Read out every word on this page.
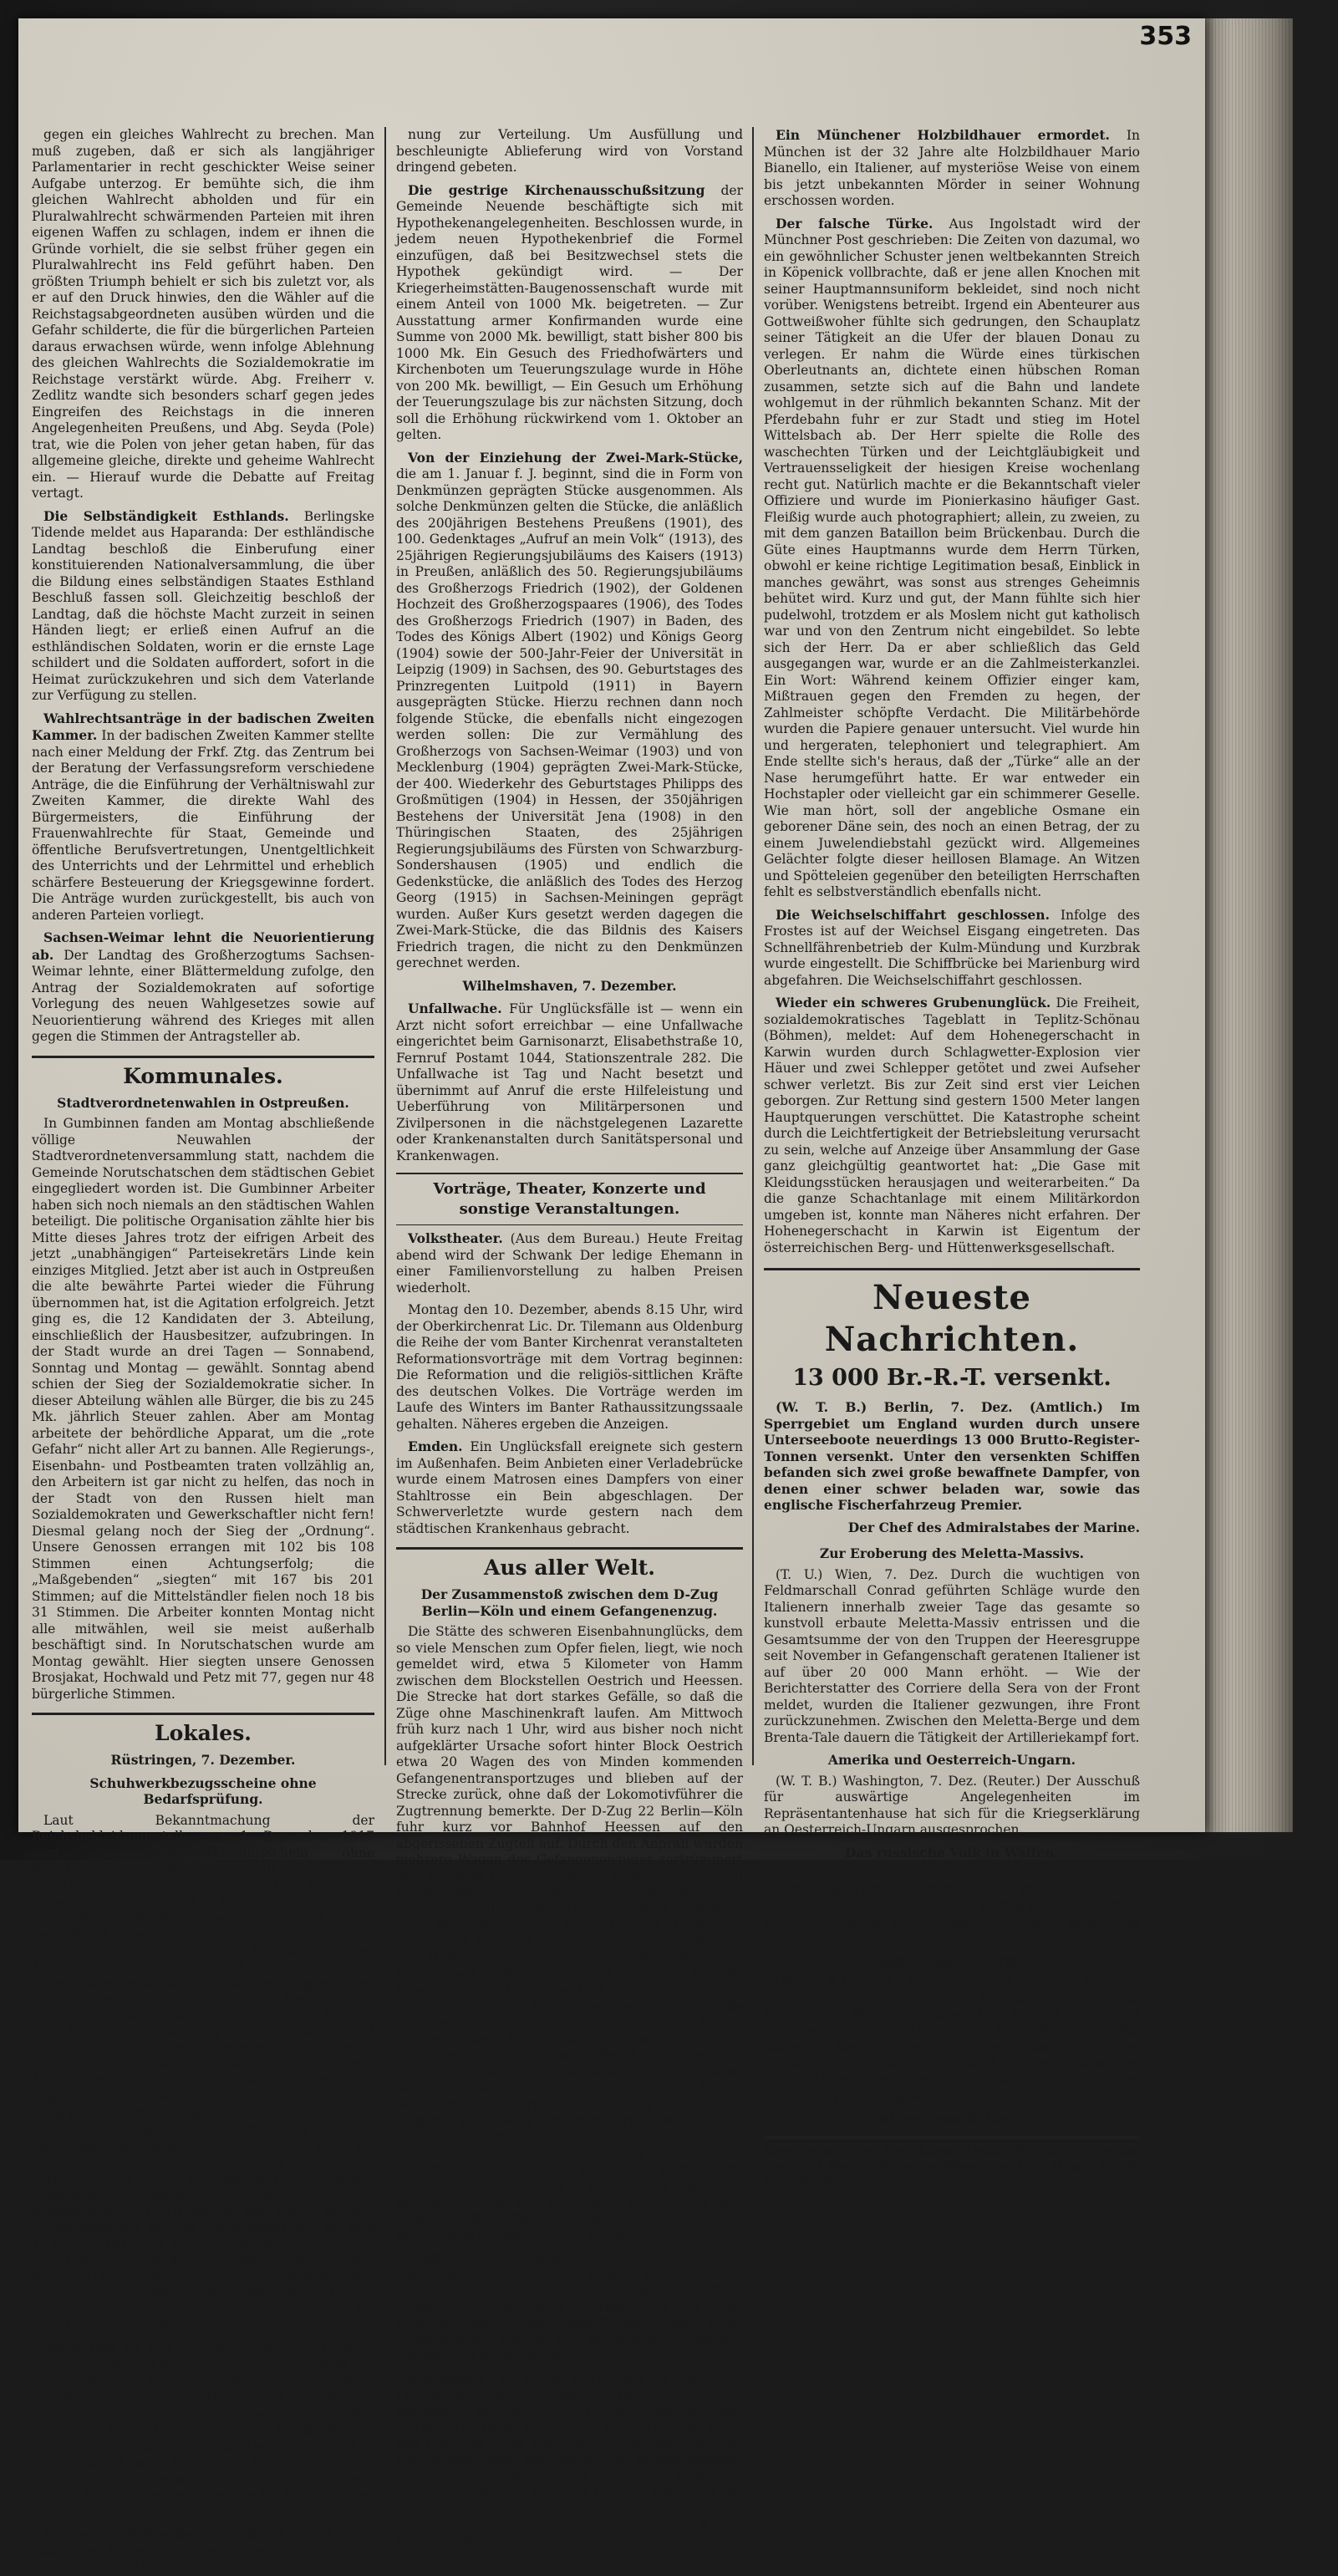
353

gegen ein gleiches Wahlrecht zu brechen. Man muß zugeben, daß er sich als langjähriger Parlamentarier in recht geschickter Weise seiner Aufgabe unterzog. Er bemühte sich, die ihm gleichen Wahlrecht abholden und für ein Pluralwahlrecht schwärmenden Parteien mit ihren eigenen Waffen zu schlagen, indem er ihnen die Gründe vorhielt, die sie selbst früher gegen ein Pluralwahlrecht ins Feld geführt haben. Den größten Triumph behielt er sich bis zuletzt vor, als er auf den Druck hinwies, den die Wähler auf die Reichstagsabgeordneten ausüben würden und die Gefahr schilderte, die für die bürgerlichen Parteien daraus erwachsen würde, wenn infolge Ablehnung des gleichen Wahlrechts die Sozialdemokratie im Reichstage verstärkt würde. Abg. Freiherr v. Zedlitz wandte sich besonders scharf gegen jedes Eingreifen des Reichstags in die inneren Angelegenheiten Preußens, und Abg. Seyda (Pole) trat, wie die Polen von jeher getan haben, für das allgemeine gleiche, direkte und geheime Wahlrecht ein. — Hierauf wurde die Debatte auf Freitag vertagt.

Die Selbständigkeit Esthlands. Berlingske Tidende meldet aus Haparanda: Der esthländische Landtag beschloß die Einberufung einer konstituierenden Nationalversammlung, die über die Bildung eines selbständigen Staates Esthland Beschluß fassen soll. Gleichzeitig beschloß der Landtag, daß die höchste Macht zurzeit in seinen Händen liegt; er erließ einen Aufruf an die esthländischen Soldaten, worin er die ernste Lage schildert und die Soldaten auffordert, sofort in die Heimat zurückzukehren und sich dem Vaterlande zur Verfügung zu stellen.

Wahlrechtsanträge in der badischen Zweiten Kammer. In der badischen Zweiten Kammer stellte nach einer Meldung der Frkf. Ztg. das Zentrum bei der Beratung der Verfassungsreform verschiedene Anträge, die die Einführung der Verhältniswahl zur Zweiten Kammer, die direkte Wahl des Bürgermeisters, die Einführung der Frauenwahlrechte für Staat, Gemeinde und öffentliche Berufsvertretungen, Unentgeltlichkeit des Unterrichts und der Lehrmittel und erheblich schärfere Besteuerung der Kriegsgewinne fordert. Die Anträge wurden zurückgestellt, bis auch von anderen Parteien vorliegt.

Sachsen-Weimar lehnt die Neuorientierung ab. Der Landtag des Großherzogtums Sachsen-Weimar lehnte, einer Blättermeldung zufolge, den Antrag der Sozialdemokraten auf sofortige Vorlegung des neuen Wahlgesetzes sowie auf Neuorientierung während des Krieges mit allen gegen die Stimmen der Antragsteller ab.

Kommunales.
Stadtverordnetenwahlen in Ostpreußen.

In Gumbinnen fanden am Montag abschließende völlige Neuwahlen der Stadtverordnetenversammlung statt, nachdem die Gemeinde Norutschatschen dem städtischen Gebiet eingegliedert worden ist. Die Gumbinner Arbeiter haben sich noch niemals an den städtischen Wahlen beteiligt. Die politische Organisation zählte hier bis Mitte dieses Jahres trotz der eifrigen Arbeit des jetzt „unabhängigen“ Parteisekretärs Linde kein einziges Mitglied. Jetzt aber ist auch in Ostpreußen die alte bewährte Partei wieder die Führung übernommen hat, ist die Agitation erfolgreich. Jetzt ging es, die 12 Kandidaten der 3. Abteilung, einschließlich der Hausbesitzer, aufzubringen. In der Stadt wurde an drei Tagen — Sonnabend, Sonntag und Montag — gewählt. Sonntag abend schien der Sieg der Sozialdemokratie sicher. In dieser Abteilung wählen alle Bürger, die bis zu 245 Mk. jährlich Steuer zahlen. Aber am Montag arbeitete der behördliche Apparat, um die „rote Gefahr“ nicht aller Art zu bannen. Alle Regierungs-, Eisenbahn- und Postbeamten traten vollzählig an, den Arbeitern ist gar nicht zu helfen, das noch in der Stadt von den Russen hielt man Sozialdemokraten und Gewerkschaftler nicht fern! Diesmal gelang noch der Sieg der „Ordnung“. Unsere Genossen errangen mit 102 bis 108 Stimmen einen Achtungserfolg; die „Maßgebenden“ „siegten“ mit 167 bis 201 Stimmen; auf die Mittelständler fielen noch 18 bis 31 Stimmen. Die Arbeiter konnten Montag nicht alle mitwählen, weil sie meist außerhalb beschäftigt sind. In Norutschatschen wurde am Montag gewählt. Hier siegten unsere Genossen Brosjakat, Hochwald und Petz mit 77, gegen nur 48 bürgerliche Stimmen.

Lokales.
Rüstringen, 7. Dezember.
Schuhwerkbezugsscheine ohne Bedarfsprüfung.

Laut Bekanntmachung der Reichsbekleidungsstelle vom 1. Dezember 1917 darf ein Schuhwerkbezugsschein ohne Bedarfsprüfung nur dann ausgestellt werden, wenn der Antragsteller bei der Annahmestelle zwei nach Verwendungszweck (d. h. für Erwachsene einerseits oder für Kinder anderseits) gleichartigen Paar Schuhen und Stiefeln mit Lederunterboden erteilt werden, falls es nach Entscheidung der Annahmestelle wirklich so ist, daß daran nicht mehr ohne erhebliche Instandsetzungsarbeiten zum Straßengebrauch sich eignen. Besohlen gilt nicht als erhebliche Instandsetzungsarbeit. An Stoff oder Leder zur Herstellung von Schuhwaren wird bis zur Höhe des eifrigen Musters zur Erlangung von Luxusschuhwaren werden von den Annahmestellen nicht ausgestellt. Erteilte alte Abgabebescheinigungen für Schuhwaren werden noch bis Ende dieses Jahres in Bezugsschein D für Schuhwaren eingelöst. Die Bestimmung, daß der jetzt gültige Bezugsschein D bleiben nur noch bis Ende Februar 1918 gültig. Auch für Schuhwaren wird in Bezugsschein gegen Abgabebescheinigungen nur der gewöhnliche Bezugsschein AII, BII erteilt, der nur 2 Monate Gültigkeitsdauer hat. Die Bestimmung, daß bis zum 1. August 1918 nur zwei Stücke desselben Art an Oberkleidung, Unterkleidung, Männerpfalzwäsche, Bett-, Haus- und Tischwäsche gegen eine Abgabebescheinigung für dieselbe Person ausgegeben werden dürfen, bleibt nur für Oberkleidung erhalten.

Tauwetter ist den Frosttagen gefolgt. Gestern gegen Abend stieg die Temperatur, so daß bald der Frost gebrochen war. Infolgedessen ist man durch den Schnee zwar geschritten, es ist aber besser, jetzt auch gute Stiefel drinnen und besohlen geworden, als die Menschen auf die Straße gingen. Es sind viele obdachlose nicht Durchgang fand in mit Sohlenschonern bewehrten Kriegsstiefeln. Die Herrschaft des Vorwinters ist dadurch gebrochen, als die Leute, eine Tatsache, die im Interesse der Kohlenversorgung erfreulich ist.

Deutscher Holzarbeiter-Verband. Die hiesige Zahlstelle bringt im Heute dieser Woche die Stimmzettel zur Urabstimmung.

nung zur Verteilung. Um Ausfüllung und beschleunigte Ablieferung wird von Vorstand dringend gebeten.

Die gestrige Kirchenausschußsitzung der Gemeinde Neuende beschäftigte sich mit Hypothekenangelegenheiten. Beschlossen wurde, in jedem neuen Hypothekenbrief die Formel einzufügen, daß bei Besitzwechsel stets die Hypothek gekündigt wird. — Der Kriegerheimstätten-Baugenossenschaft wurde mit einem Anteil von 1000 Mk. beigetreten. — Zur Ausstattung armer Konfirmanden wurde eine Summe von 2000 Mk. bewilligt, statt bisher 800 bis 1000 Mk. Ein Gesuch des Friedhofwärters und Kirchenboten um Teuerungszulage wurde in Höhe von 200 Mk. bewilligt, — Ein Gesuch um Erhöhung der Teuerungszulage bis zur nächsten Sitzung, doch soll die Erhöhung rückwirkend vom 1. Oktober an gelten.

Von der Einziehung der Zwei-Mark-Stücke, die am 1. Januar f. J. beginnt, sind die in Form von Denkmünzen geprägten Stücke ausgenommen. Als solche Denkmünzen gelten die Stücke, die anläßlich des 200jährigen Bestehens Preußens (1901), des 100. Gedenktages „Aufruf an mein Volk“ (1913), des 25jährigen Regierungsjubiläums des Kaisers (1913) in Preußen, anläßlich des 50. Regierungsjubiläums des Großherzogs Friedrich (1902), der Goldenen Hochzeit des Großherzogspaares (1906), des Todes des Großherzogs Friedrich (1907) in Baden, des Todes des Königs Albert (1902) und Königs Georg (1904) sowie der 500-Jahr-Feier der Universität in Leipzig (1909) in Sachsen, des 90. Geburtstages des Prinzregenten Luitpold (1911) in Bayern ausgeprägten Stücke. Hierzu rechnen dann noch folgende Stücke, die ebenfalls nicht eingezogen werden sollen: Die zur Vermählung des Großherzogs von Sachsen-Weimar (1903) und von Mecklenburg (1904) geprägten Zwei-Mark-Stücke, der 400. Wiederkehr des Geburtstages Philipps des Großmütigen (1904) in Hessen, der 350jährigen Bestehens der Universität Jena (1908) in den Thüringischen Staaten, des 25jährigen Regierungsjubiläums des Fürsten von Schwarzburg-Sondershausen (1905) und endlich die Gedenkstücke, die anläßlich des Todes des Herzog Georg (1915) in Sachsen-Meiningen geprägt wurden. Außer Kurs gesetzt werden dagegen die Zwei-Mark-Stücke, die das Bildnis des Kaisers Friedrich tragen, die nicht zu den Denkmünzen gerechnet werden.

Wilhelmshaven, 7. Dezember.

Unfallwache. Für Unglücksfälle ist — wenn ein Arzt nicht sofort erreichbar — eine Unfallwache eingerichtet beim Garnisonarzt, Elisabethstraße 10, Fernruf Postamt 1044, Stationszentrale 282. Die Unfallwache ist Tag und Nacht besetzt und übernimmt auf Anruf die erste Hilfeleistung und Ueberführung von Militärpersonen und Zivilpersonen in die nächstgelegenen Lazarette oder Krankenanstalten durch Sanitätspersonal und Krankenwagen.

Vorträge, Theater, Konzerte und sonstige Veranstaltungen.

Volkstheater. (Aus dem Bureau.) Heute Freitag abend wird der Schwank Der ledige Ehemann in einer Familienvorstellung zu halben Preisen wiederholt.

Montag den 10. Dezember, abends 8.15 Uhr, wird der Oberkirchenrat Lic. Dr. Tilemann aus Oldenburg die Reihe der vom Banter Kirchenrat veranstalteten Reformationsvorträge mit dem Vortrag beginnen: Die Reformation und die religiös-sittlichen Kräfte des deutschen Volkes. Die Vorträge werden im Laufe des Winters im Banter Rathaussitzungssaale gehalten. Näheres ergeben die Anzeigen.

Emden. Ein Unglücksfall ereignete sich gestern im Außenhafen. Beim Anbieten einer Verladebrücke wurde einem Matrosen eines Dampfers von einer Stahltrosse ein Bein abgeschlagen. Der Schwerverletzte wurde gestern nach dem städtischen Krankenhaus gebracht.

Aus aller Welt.
Der Zusammenstoß zwischen dem D-Zug Berlin—Köln und einem Gefangenenzug.

Die Stätte des schweren Eisenbahnunglücks, dem so viele Menschen zum Opfer fielen, liegt, wie noch gemeldet wird, etwa 5 Kilometer von Hamm zwischen dem Blockstellen Oestrich und Heessen. Die Strecke hat dort starkes Gefälle, so daß die Züge ohne Maschinenkraft laufen. Am Mittwoch früh kurz nach 1 Uhr, wird aus bisher noch nicht aufgeklärter Ursache sofort hinter Block Oestrich etwa 20 Wagen des von Minden kommenden Gefangenentransportzuges und blieben auf der Strecke zurück, ohne daß der Lokomotivführer die Zugtrennung bemerkte. Der D-Zug 22 Berlin—Köln fuhr kurz vor Bahnhof Heessen auf den abgerissenen Zugteil auf. Durch den Anprall wurden mehrere Wagen des Gefangenenzuges zertrümmert und aus dem Gleise geworfen, so daß sie zum Teil auf dem Nebengleis standen. Die D-Zug-Lokomotive wurde ebenfalls aus dem Gleise gehoben, so daß sie quer über den beiden Gleisen stand. In diesem Augenblick fuhr auf demselben Gleis ein Güterzug von Hamm (also aus entgegengesetzter Richtung) heran und fuhr mit voller Gewalt in die Wagentrümmer hinein. — Mehrere Wagen wurden wie Kartenhäuser ineinander gedrückt und die Lokomotive des Güterzuges fuhr sie hinweg, bis sie auf die schwere D-Zug-Lokomotive aufprallte. Auch der Güterzug erlitt schwere Beschädigungen, der Packwagen türmte sich auf einen anderen Wagen auf, ein Wagen wurde den hohen Damm hinuntergeschleudert. Von dem D-Zug wurden zwei Wagen vollständig zertrümmert, einer stark beschädigt, sämtliche Insassen konnten den Zug verlassen. Kurze Zeit, nachdem der Zug geräumt war, fing der Packwagen Feuer. Der herrschende Wind trieb die Flammen in die übrigen Wagen, so daß der D-Zug mit Ausnahme des letzten vier Wagen vollständig verbrannte. Die Zeit der geborgenen Gerippe blieben übrig.

Einbrecher erschossen. In Essen sollte in einem Hause der Kurze Straße vor einigen Tagen aus dem Polizeigefängnis entsprungene Schlosser Alfred Schulze festgenommen werden. Da er den Kriminalbeamten tätlich angriff, gab dieser einen Revolverschuß auf ihn ab, der sofortigen Tod des Einbrechers herbeiführte.

Raubmord. In Jülich wurde die in den 50er Jahren stehende Frau Robert Nix in Niedermerz ermordet. In ihrem Hause war eingebrochen worden. Die Diebe wurden die Frau erwachte, hatte das Gebäude offen gefunden, trafen die Frau, die schlief, und durch die Schreien zu beschwichtigen. Diese trugen Waffen bei sich. Man hörte auch zwei Schüsse fallen. Am anderen Morgen fand man die Frau erschossen am Fenster des Schlafzimmers vor, von einem der abgegebenen Schüsse durch den Kopf getroffen.

Ein Münchener Holzbildhauer ermordet. In München ist der 32 Jahre alte Holzbildhauer Mario Bianello, ein Italiener, auf mysteriöse Weise von einem bis jetzt unbekannten Mörder in seiner Wohnung erschossen worden.

Der falsche Türke. Aus Ingolstadt wird der Münchner Post geschrieben: Die Zeiten von dazumal, wo ein gewöhnlicher Schuster jenen weltbekannten Streich in Köpenick vollbrachte, daß er jene allen Knochen mit seiner Hauptmannsuniform bekleidet, sind noch nicht vorüber. Wenigstens betreibt. Irgend ein Abenteurer aus Gottweißwoher fühlte sich gedrungen, den Schauplatz seiner Tätigkeit an die Ufer der blauen Donau zu verlegen. Er nahm die Würde eines türkischen Oberleutnants an, dichtete einen hübschen Roman zusammen, setzte sich auf die Bahn und landete wohlgemut in der rühmlich bekannten Schanz. Mit der Pferdebahn fuhr er zur Stadt und stieg im Hotel Wittelsbach ab. Der Herr spielte die Rolle des waschechten Türken und der Leichtgläubigkeit und Vertrauensseligkeit der hiesigen Kreise wochenlang recht gut. Natürlich machte er die Bekanntschaft vieler Offiziere und wurde im Pionierkasino häufiger Gast. Fleißig wurde auch photographiert; allein, zu zweien, zu mit dem ganzen Bataillon beim Brückenbau. Durch die Güte eines Hauptmanns wurde dem Herrn Türken, obwohl er keine richtige Legitimation besaß, Einblick in manches gewährt, was sonst aus strenges Geheimnis behütet wird. Kurz und gut, der Mann fühlte sich hier pudelwohl, trotzdem er als Moslem nicht gut katholisch war und von den Zentrum nicht eingebildet. So lebte sich der Herr. Da er aber schließlich das Geld ausgegangen war, wurde er an die Zahlmeisterkanzlei. Ein Wort: Während keinem Offizier einger kam, Mißtrauen gegen den Fremden zu hegen, der Zahlmeister schöpfte Verdacht. Die Militärbehörde wurden die Papiere genauer untersucht. Viel wurde hin und hergeraten, telephoniert und telegraphiert. Am Ende stellte sich's heraus, daß der „Türke“ alle an der Nase herumgeführt hatte. Er war entweder ein Hochstapler oder vielleicht gar ein schimmerer Geselle. Wie man hört, soll der angebliche Osmane ein geborener Däne sein, des noch an einen Betrag, der zu einem Juwelendiebstahl gezückt wird. Allgemeines Gelächter folgte dieser heillosen Blamage. An Witzen und Spötteleien gegenüber den beteiligten Herrschaften fehlt es selbstverständlich ebenfalls nicht.

Die Weichselschiffahrt geschlossen. Infolge des Frostes ist auf der Weichsel Eisgang eingetreten. Das Schnellfährenbetrieb der Kulm-Mündung und Kurzbrak wurde eingestellt. Die Schiffbrücke bei Marienburg wird abgefahren. Die Weichselschiffahrt geschlossen.

Wieder ein schweres Grubenunglück. Die Freiheit, sozialdemokratisches Tageblatt in Teplitz-Schönau (Böhmen), meldet: Auf dem Hohenegerschacht in Karwin wurden durch Schlagwetter-Explosion vier Häuer und zwei Schlepper getötet und zwei Aufseher schwer verletzt. Bis zur Zeit sind erst vier Leichen geborgen. Zur Rettung sind gestern 1500 Meter langen Hauptquerungen verschüttet. Die Katastrophe scheint durch die Leichtfertigkeit der Betriebsleitung verursacht zu sein, welche auf Anzeige über Ansammlung der Gase ganz gleichgültig geantwortet hat: „Die Gase mit Kleidungsstücken herausjagen und weiterarbeiten.“ Da die ganze Schachtanlage mit einem Militärkordon umgeben ist, konnte man Näheres nicht erfahren. Der Hohenegerschacht in Karwin ist Eigentum der österreichischen Berg- und Hüttenwerksgesellschaft.

Neueste Nachrichten.
13 000 Br.-R.-T. versenkt.

(W. T. B.) Berlin, 7. Dez. (Amtlich.) Im Sperrgebiet um England wurden durch unsere Unterseeboote neuerdings 13 000 Brutto-Register-Tonnen versenkt. Unter den versenkten Schiffen befanden sich zwei große bewaffnete Dampfer, von denen einer schwer beladen war, sowie das englische Fischerfahrzeug Premier.

Der Chef des Admiralstabes der Marine.
Zur Eroberung des Meletta-Massivs.

(T. U.) Wien, 7. Dez. Durch die wuchtigen von Feldmarschall Conrad geführten Schläge wurde den Italienern innerhalb zweier Tage das gesamte so kunstvoll erbaute Meletta-Massiv entrissen und die Gesamtsumme der von den Truppen der Heeresgruppe seit November in Gefangenschaft geratenen Italiener ist auf über 20 000 Mann erhöht. — Wie der Berichterstatter des Corriere della Sera von der Front meldet, wurden die Italiener gezwungen, ihre Front zurückzunehmen. Zwischen den Meletta-Berge und dem Brenta-Tale dauern die Tätigkeit der Artilleriekampf fort.

Amerika und Oesterreich-Ungarn.

(W. T. B.) Washington, 7. Dez. (Reuter.) Der Ausschuß für auswärtige Angelegenheiten im Repräsentantenhause hat sich für die Kriegserklärung an Oesterreich-Ungarn ausgesprochen.

Das russische Volk in Waffen.

(W. T. B.) Amsterdam, 7. Dez. Reuter meldet aus Petersburg: Trotzky kündigte an, daß die von der Front zurückkehrenden Soldaten ihre Waffen behalten dürften zur Verteidigung ihrer Klasseninteressen gegen die Bourgeoisie.

Holland und Amerika.

(W. T. B.) Haag, 7. Dez. In der zweiten Kammer erklärte der Minister des Aeußeren u. a.: Die holländische Regierung ist peinlich davon berührt, daß in amerikanischen Häfen 70 holländische Schiffe unbenutzt liegen müssen, weil die Vereinigten Staaten Bunkerkohlen verweigern. Holland sei bereits Neutralen schon Hemmungen begegnet, Holland sei dagegen bereits empfindlich geworden.

Hierzu eine Beilage.
Verantwortlicher Redakteur: Oskar Hünlich. — Verlag von Paul Hug. — Rotationsdruck von Paul Hug & Co. in Rüstringen.
